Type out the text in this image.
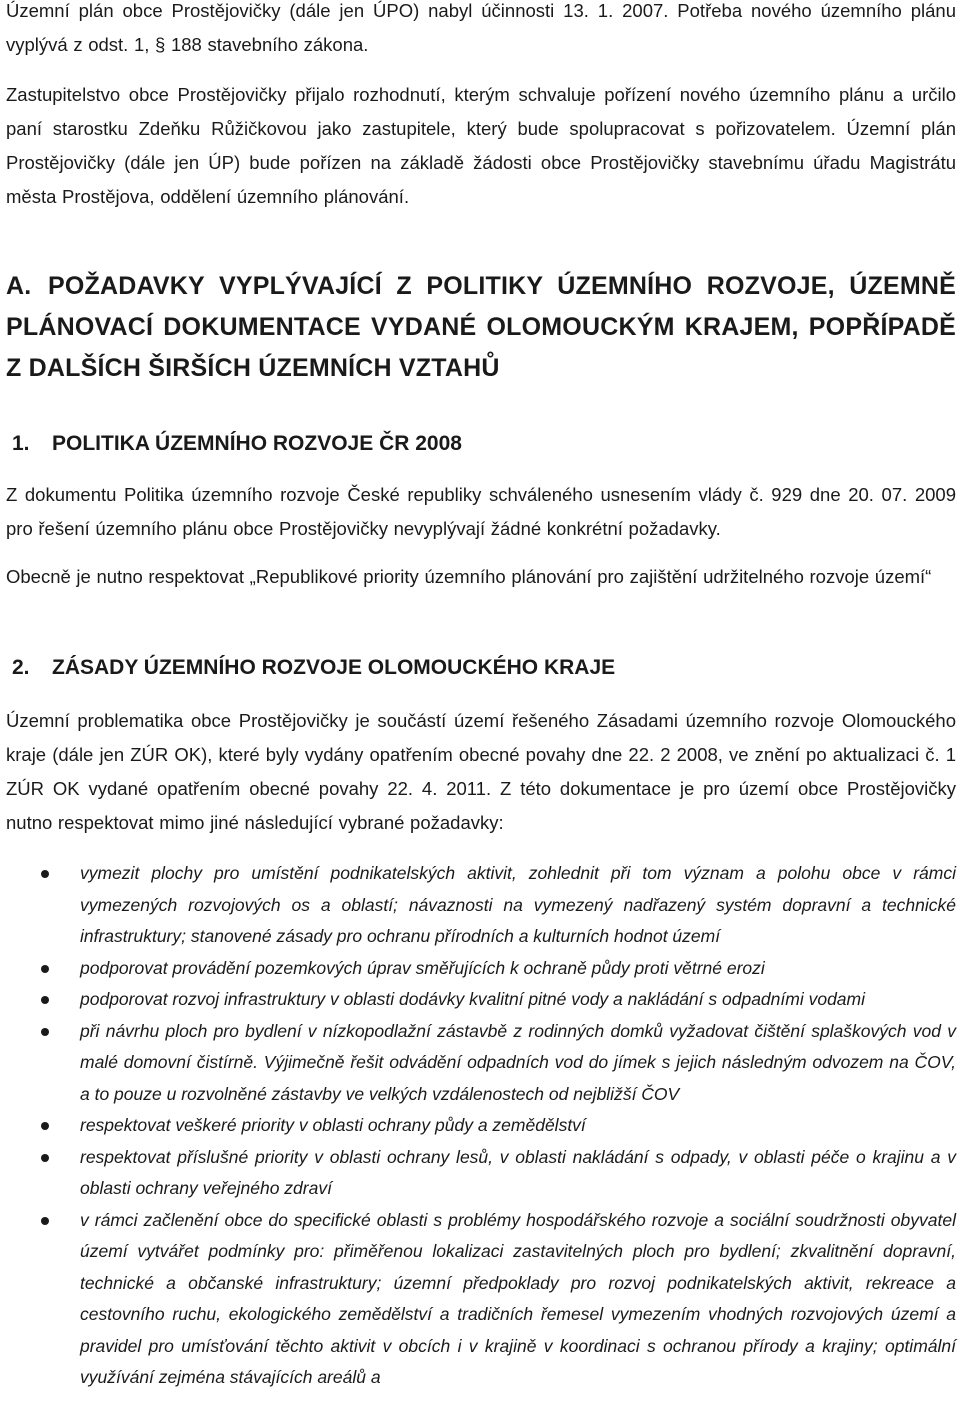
Územní plán obce Prostějovičky (dále jen ÚPO) nabyl účinnosti 13. 1. 2007. Potřeba nového územního plánu vyplývá z odst. 1, § 188 stavebního zákona.

Zastupitelstvo obce Prostějovičky přijalo rozhodnutí, kterým schvaluje pořízení nového územního plánu a určilo paní starostku Zdeňku Růžičkovou jako zastupitele, který bude spolupracovat s pořizovatelem. Územní plán Prostějovičky (dále jen ÚP) bude pořízen na základě žádosti obce Prostějovičky stavebnímu úřadu Magistrátu města Prostějova, oddělení územního plánování.

A. POŽADAVKY VYPLÝVAJÍCÍ Z POLITIKY ÚZEMNÍHO ROZVOJE, ÚZEMNĚ PLÁNOVACÍ DOKUMENTACE VYDANÉ OLOMOUCKÝM KRAJEM, POPŘÍPADĚ Z DALŠÍCH ŠIRŠÍCH ÚZEMNÍCH VZTAHŮ
1. POLITIKA ÚZEMNÍHO ROZVOJE ČR 2008

Z dokumentu Politika územního rozvoje České republiky schváleného usnesením vlády č. 929 dne 20. 07. 2009 pro řešení územního plánu obce Prostějovičky nevyplývají žádné konkrétní požadavky.

Obecně je nutno respektovat „Republikové priority územního plánování pro zajištění udržitelného rozvoje území“

2. ZÁSADY ÚZEMNÍHO ROZVOJE OLOMOUCKÉHO KRAJE

Územní problematika obce Prostějovičky je součástí území řešeného Zásadami územního rozvoje Olomouckého kraje (dále jen ZÚR OK), které byly vydány opatřením obecné povahy dne 22. 2 2008, ve znění po aktualizaci č. 1 ZÚR OK vydané opatřením obecné povahy 22. 4. 2011. Z této dokumentace je pro území obce Prostějovičky nutno respektovat mimo jiné následující vybrané požadavky:

vymezit plochy pro umístění podnikatelských aktivit, zohlednit při tom význam a polohu obce v rámci vymezených rozvojových os a oblastí; návaznosti na vymezený nadřazený systém dopravní a technické infrastruktury; stanovené zásady pro ochranu přírodních a kulturních hodnot území
podporovat provádění pozemkových úprav směřujících k ochraně půdy proti větrné erozi
podporovat rozvoj infrastruktury v oblasti dodávky kvalitní pitné vody a nakládání s odpadními vodami
při návrhu ploch pro bydlení v nízkopodlažní zástavbě z rodinných domků vyžadovat čištění splaškových vod v malé domovní čistírně. Výjimečně řešit odvádění odpadních vod do jímek s jejich následným odvozem na ČOV, a to pouze u rozvolněné zástavby ve velkých vzdálenostech od nejbližší ČOV
respektovat veškeré priority v oblasti ochrany půdy a zemědělství
respektovat příslušné priority v oblasti ochrany lesů, v oblasti nakládání s odpady, v oblasti péče o krajinu a v oblasti ochrany veřejného zdraví
v rámci začlenění obce do specifické oblasti s problémy hospodářského rozvoje a sociální soudržnosti obyvatel území vytvářet podmínky pro: přiměřenou lokalizaci zastavitelných ploch pro bydlení; zkvalitnění dopravní, technické a občanské infrastruktury; územní předpoklady pro rozvoj podnikatelských aktivit, rekreace a cestovního ruchu, ekologického zemědělství a tradičních řemesel vymezením vhodných rozvojových území a pravidel pro umísťování těchto aktivit v obcích i v krajině v koordinaci s ochranou přírody a krajiny; optimální využívání zejména stávajících areálů a
